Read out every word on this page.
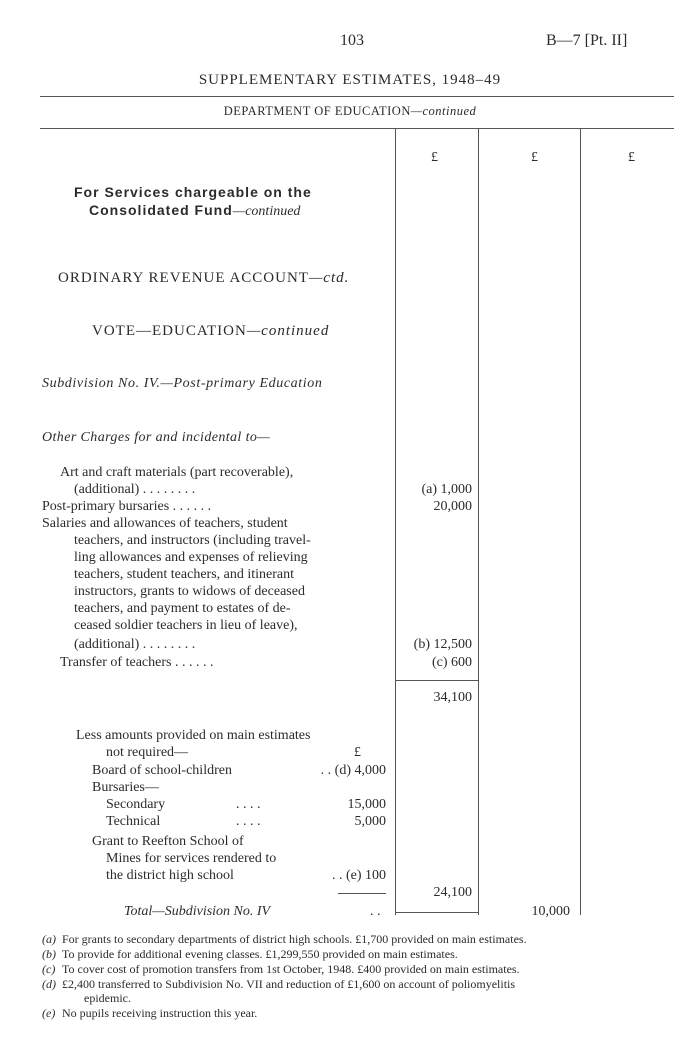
103	B—7 [Pt. II]
SUPPLEMENTARY ESTIMATES, 1948–49
DEPARTMENT OF EDUCATION—continued
£	£	£
For Services chargeable on the
Consolidated Fund—continued
ORDINARY REVENUE ACCOUNT—ctd.
VOTE—EDUCATION—continued
Subdivision No. IV.—Post-primary Education
Other Charges for and incidental to—
Art and craft materials (part recoverable),
(additional) . . . . . . . .	(a) 1,000
Post-primary bursaries . . . . . .	20,000
Salaries and allowances of teachers, student
teachers, and instructors (including travel-
ling allowances and expenses of relieving
teachers, student teachers, and itinerant
instructors, grants to widows of deceased
teachers, and payment to estates of de-
ceased soldier teachers in lieu of leave),
(additional) . . . . . . . .	(b) 12,500
Transfer of teachers . . . . . .	(c) 600
34,100
Less amounts provided on main estimates
not required—	£
Board of school-children	. . (d) 4,000
Bursaries—
Secondary	. . . .	15,000
Technical	. . . .	5,000
Grant to Reefton School of
Mines for services rendered to
the district high school	. . (e) 100
24,100
Total—Subdivision No. IV	. .	10,000
(a) For grants to secondary departments of district high schools. £1,700 provided on main estimates.
(b) To provide for additional evening classes. £1,299,550 provided on main estimates.
(c) To cover cost of promotion transfers from 1st October, 1948. £400 provided on main estimates.
(d) £2,400 transferred to Subdivision No. VII and reduction of £1,600 on account of poliomyelitis
epidemic.
(e) No pupils receiving instruction this year.
